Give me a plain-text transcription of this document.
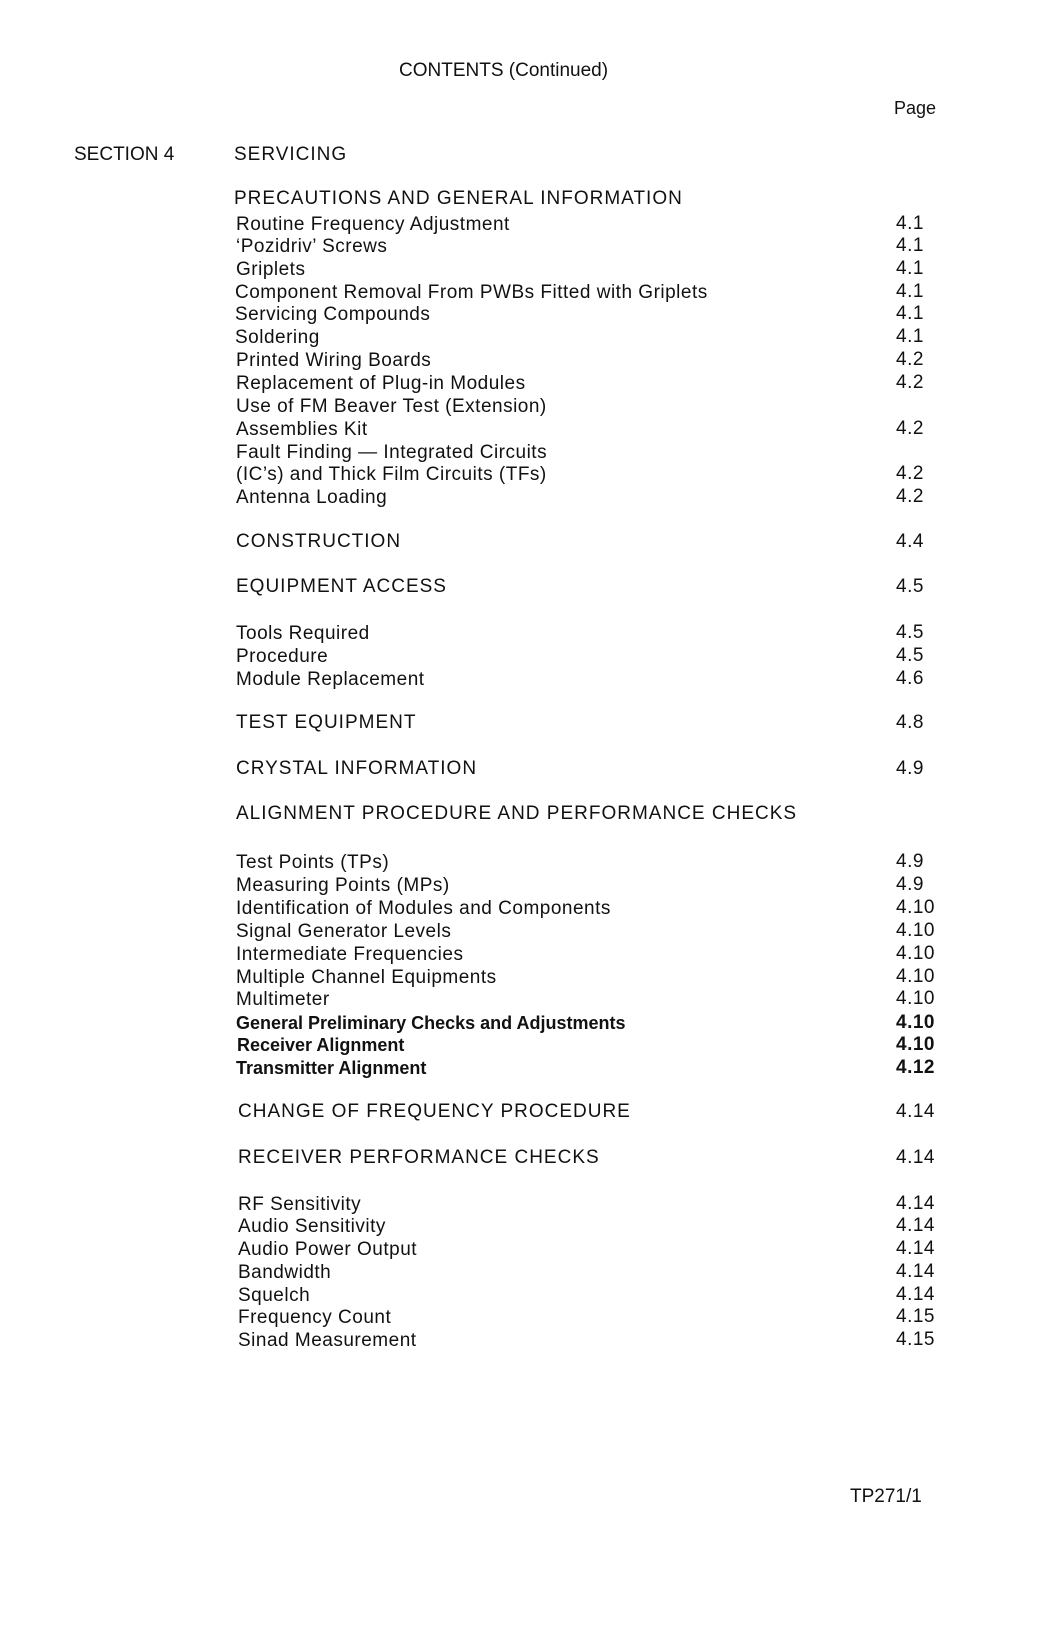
CONTENTS (Continued)
Page
SECTION 4	SERVICING
PRECAUTIONS AND GENERAL INFORMATION
Routine Frequency Adjustment	4.1
‘Pozidriv’ Screws	4.1
Griplets	4.1
Component Removal From PWBs Fitted with Griplets	4.1
Servicing Compounds	4.1
Soldering	4.1
Printed Wiring Boards	4.2
Replacement of Plug-in Modules	4.2
Use of FM Beaver Test (Extension)
Assemblies Kit	4.2
Fault Finding — Integrated Circuits
(IC’s) and Thick Film Circuits (TFs)	4.2
Antenna Loading	4.2
CONSTRUCTION	4.4
EQUIPMENT ACCESS	4.5
Tools Required	4.5
Procedure	4.5
Module Replacement	4.6
TEST EQUIPMENT	4.8
CRYSTAL INFORMATION	4.9
ALIGNMENT PROCEDURE AND PERFORMANCE CHECKS
Test Points (TPs)	4.9
Measuring Points (MPs)	4.9
Identification of Modules and Components	4.10
Signal Generator Levels	4.10
Intermediate Frequencies	4.10
Multiple Channel Equipments	4.10
Multimeter	4.10
General Preliminary Checks and Adjustments	4.10
Receiver Alignment	4.10
Transmitter Alignment	4.12
CHANGE OF FREQUENCY PROCEDURE	4.14
RECEIVER PERFORMANCE CHECKS	4.14
RF Sensitivity	4.14
Audio Sensitivity	4.14
Audio Power Output	4.14
Bandwidth	4.14
Squelch	4.14
Frequency Count	4.15
Sinad Measurement	4.15
TP271/1
